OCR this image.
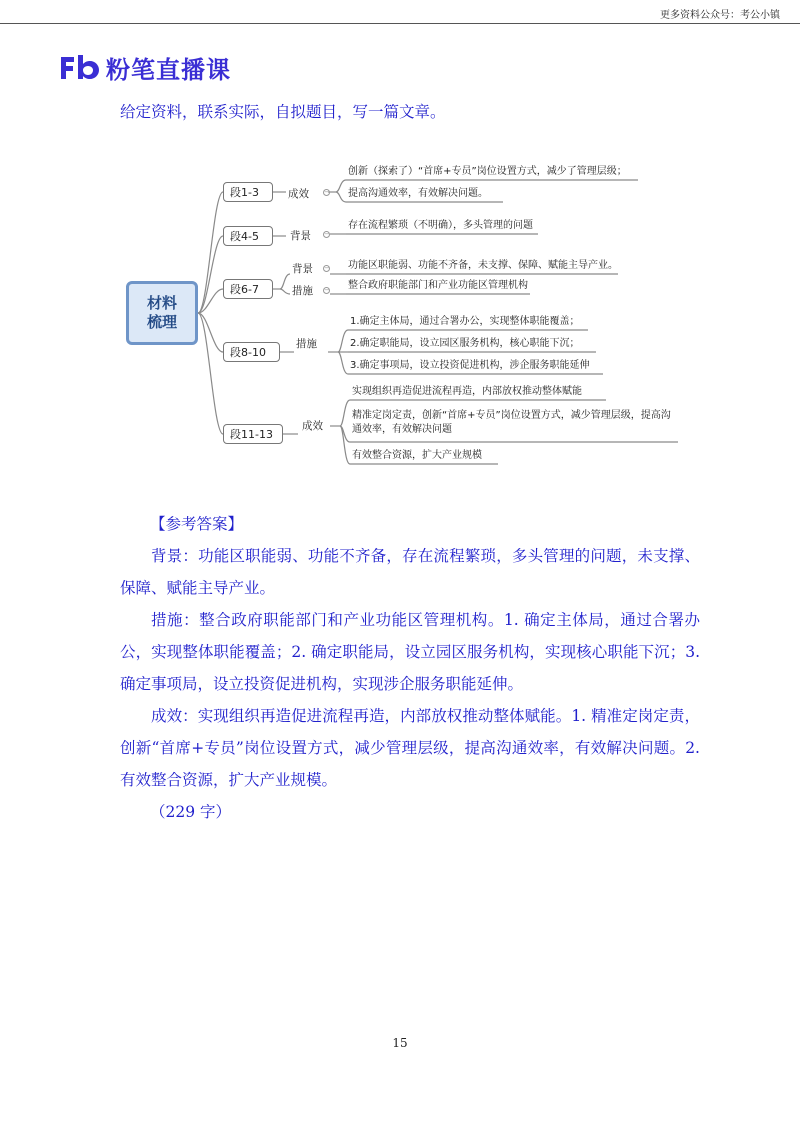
更多资料公众号：考公小镇
粉笔直播课
给定资料，联系实际，自拟题目，写一篇文章。
材料
梳理
段1-3	成效 −
创新（探索了）“首席+专员”岗位设置方式，减少了管理层级；
提高沟通效率，有效解决问题。
段4-5	背景 −
存在流程繁琐（不明确），多头管理的问题
段6-7
背景 − 功能区职能弱、功能不齐备，未支撑、保障、赋能主导产业。
措施 − 整合政府职能部门和产业功能区管理机构
段8-10
措施
1.确定主体局，通过合署办公，实现整体职能覆盖；
2.确定职能局，设立园区服务机构，核心职能下沉；
3.确定事项局，设立投资促进机构，涉企服务职能延伸
段11-13
成效
实现组织再造促进流程再造，内部放权推动整体赋能
精准定岗定责，创新“首席+专员”岗位设置方式，减少管理层级，提高沟通效率，有效解决问题
有效整合资源，扩大产业规模
【参考答案】

背景：功能区职能弱、功能不齐备，存在流程繁琐，多头管理的问题，未支撑、保障、赋能主导产业。

措施：整合政府职能部门和产业功能区管理机构。1. 确定主体局，通过合署办公，实现整体职能覆盖；2. 确定职能局，设立园区服务机构，实现核心职能下沉；3. 确定事项局，设立投资促进机构，实现涉企服务职能延伸。

成效：实现组织再造促进流程再造，内部放权推动整体赋能。1. 精准定岗定责，创新“首席+专员”岗位设置方式，减少管理层级，提高沟通效率，有效解决问题。2. 有效整合资源，扩大产业规模。

（229 字）
15
